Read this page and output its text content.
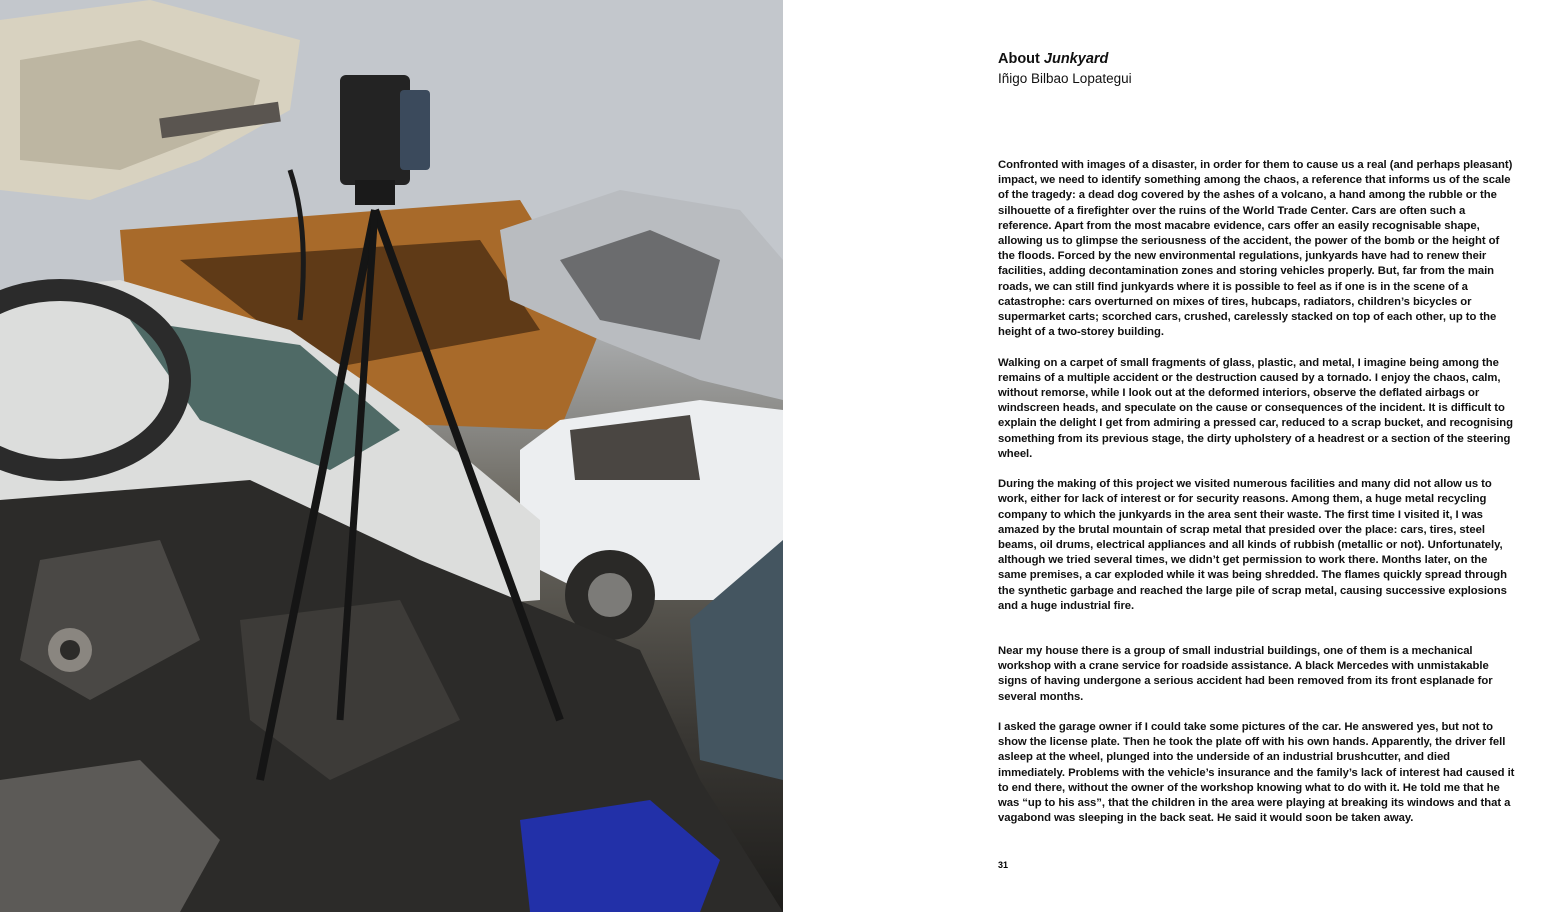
About Junkyard

Iñigo Bilbao Lopategui

Confronted with images of a disaster, in order for them to cause us a real (and perhaps pleasant) impact, we need to identify something among the chaos, a reference that informs us of the scale of the tragedy: a dead dog covered by the ashes of a volcano, a hand among the rubble or the silhouette of a firefighter over the ruins of the World Trade Center. Cars are often such a reference. Apart from the most macabre evidence, cars offer an easily recognisable shape, allowing us to glimpse the seriousness of the accident, the power of the bomb or the height of the floods. Forced by the new environmental regulations, junkyards have had to renew their facilities, adding decontamination zones and storing vehicles properly. But, far from the main roads, we can still find junkyards where it is possible to feel as if one is in the scene of a catastrophe: cars overturned on mixes of tires, hubcaps, radiators, children’s bicycles or supermarket carts; scorched cars, crushed, carelessly stacked on top of each other, up to the height of a two-storey building.

Walking on a carpet of small fragments of glass, plastic, and metal, I imagine being among the remains of a multiple accident or the destruction caused by a tornado. I enjoy the chaos, calm, without remorse, while I look out at the deformed interiors, observe the deflated airbags or windscreen heads, and speculate on the cause or consequences of the incident. It is difficult to explain the delight I get from admiring a pressed car, reduced to a scrap bucket, and recognising something from its previous stage, the dirty upholstery of a headrest or a section of the steering wheel.

During the making of this project we visited numerous facilities and many did not allow us to work, either for lack of interest or for security reasons. Among them, a huge metal recycling company to which the junkyards in the area sent their waste. The first time I visited it, I was amazed by the brutal mountain of scrap metal that presided over the place: cars, tires, steel beams, oil drums, electrical appliances and all kinds of rubbish (metallic or not). Unfortunately, although we tried several times, we didn’t get permission to work there. Months later, on the same premises, a car exploded while it was being shredded. The flames quickly spread through the synthetic garbage and reached the large pile of scrap metal, causing successive explosions and a huge industrial fire.

Near my house there is a group of small industrial buildings, one of them is a mechanical workshop with a crane service for roadside assistance. A black Mercedes with unmistakable signs of having undergone a serious accident had been removed from its front esplanade for several months.

I asked the garage owner if I could take some pictures of the car. He answered yes, but not to show the license plate. Then he took the plate off with his own hands. Apparently, the driver fell asleep at the wheel, plunged into the underside of an industrial brushcutter, and died immediately. Problems with the vehicle’s insurance and the family’s lack of interest had caused it to end there, without the owner of the workshop knowing what to do with it. He told me that he was “up to his ass”, that the children in the area were playing at breaking its windows and that a vagabond was sleeping in the back seat. He said it would soon be taken away.

31
